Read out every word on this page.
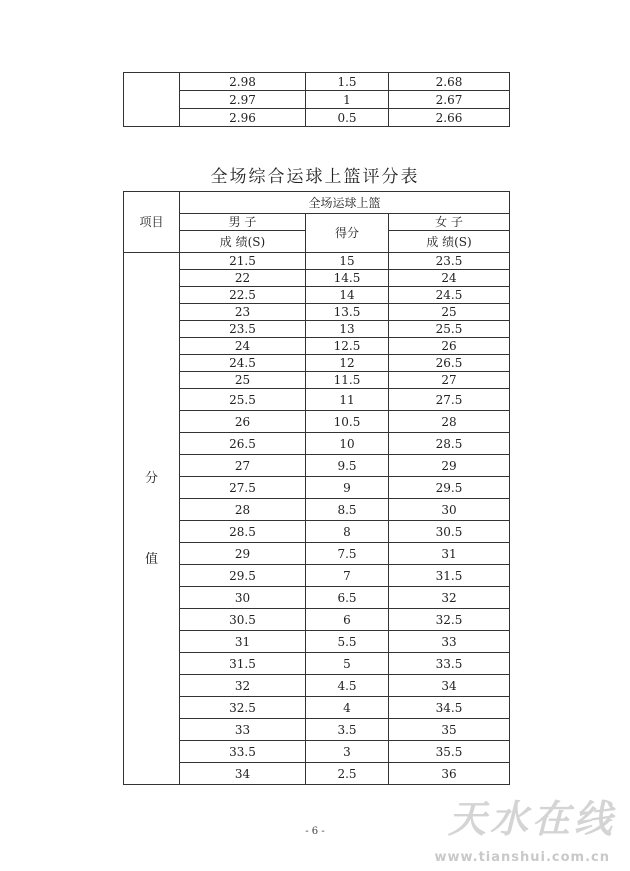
	2.98	1.5	2.68
	2.97	1	2.67
	2.96	0.5	2.66
全场综合运球上篮评分表
项目	全场运球上篮		
	男 子	得分	女 子
	成 绩(S)		成 绩(S)

分
值	21.5	15	23.5
	22	14.5	24
	22.5	14	24.5
	23	13.5	25
	23.5	13	25.5
	24	12.5	26
	24.5	12	26.5
	25	11.5	27
	25.5	11	27.5
	26	10.5	28
	26.5	10	28.5
	27	9.5	29
	27.5	9	29.5
	28	8.5	30
	28.5	8	30.5
	29	7.5	31
	29.5	7	31.5
	30	6.5	32
	30.5	6	32.5
	31	5.5	33
	31.5	5	33.5
	32	4.5	34
	32.5	4	34.5
	33	3.5	35
	33.5	3	35.5
	34	2.5	36
- 6 -	天水在线
www.tianshui.com.cn
